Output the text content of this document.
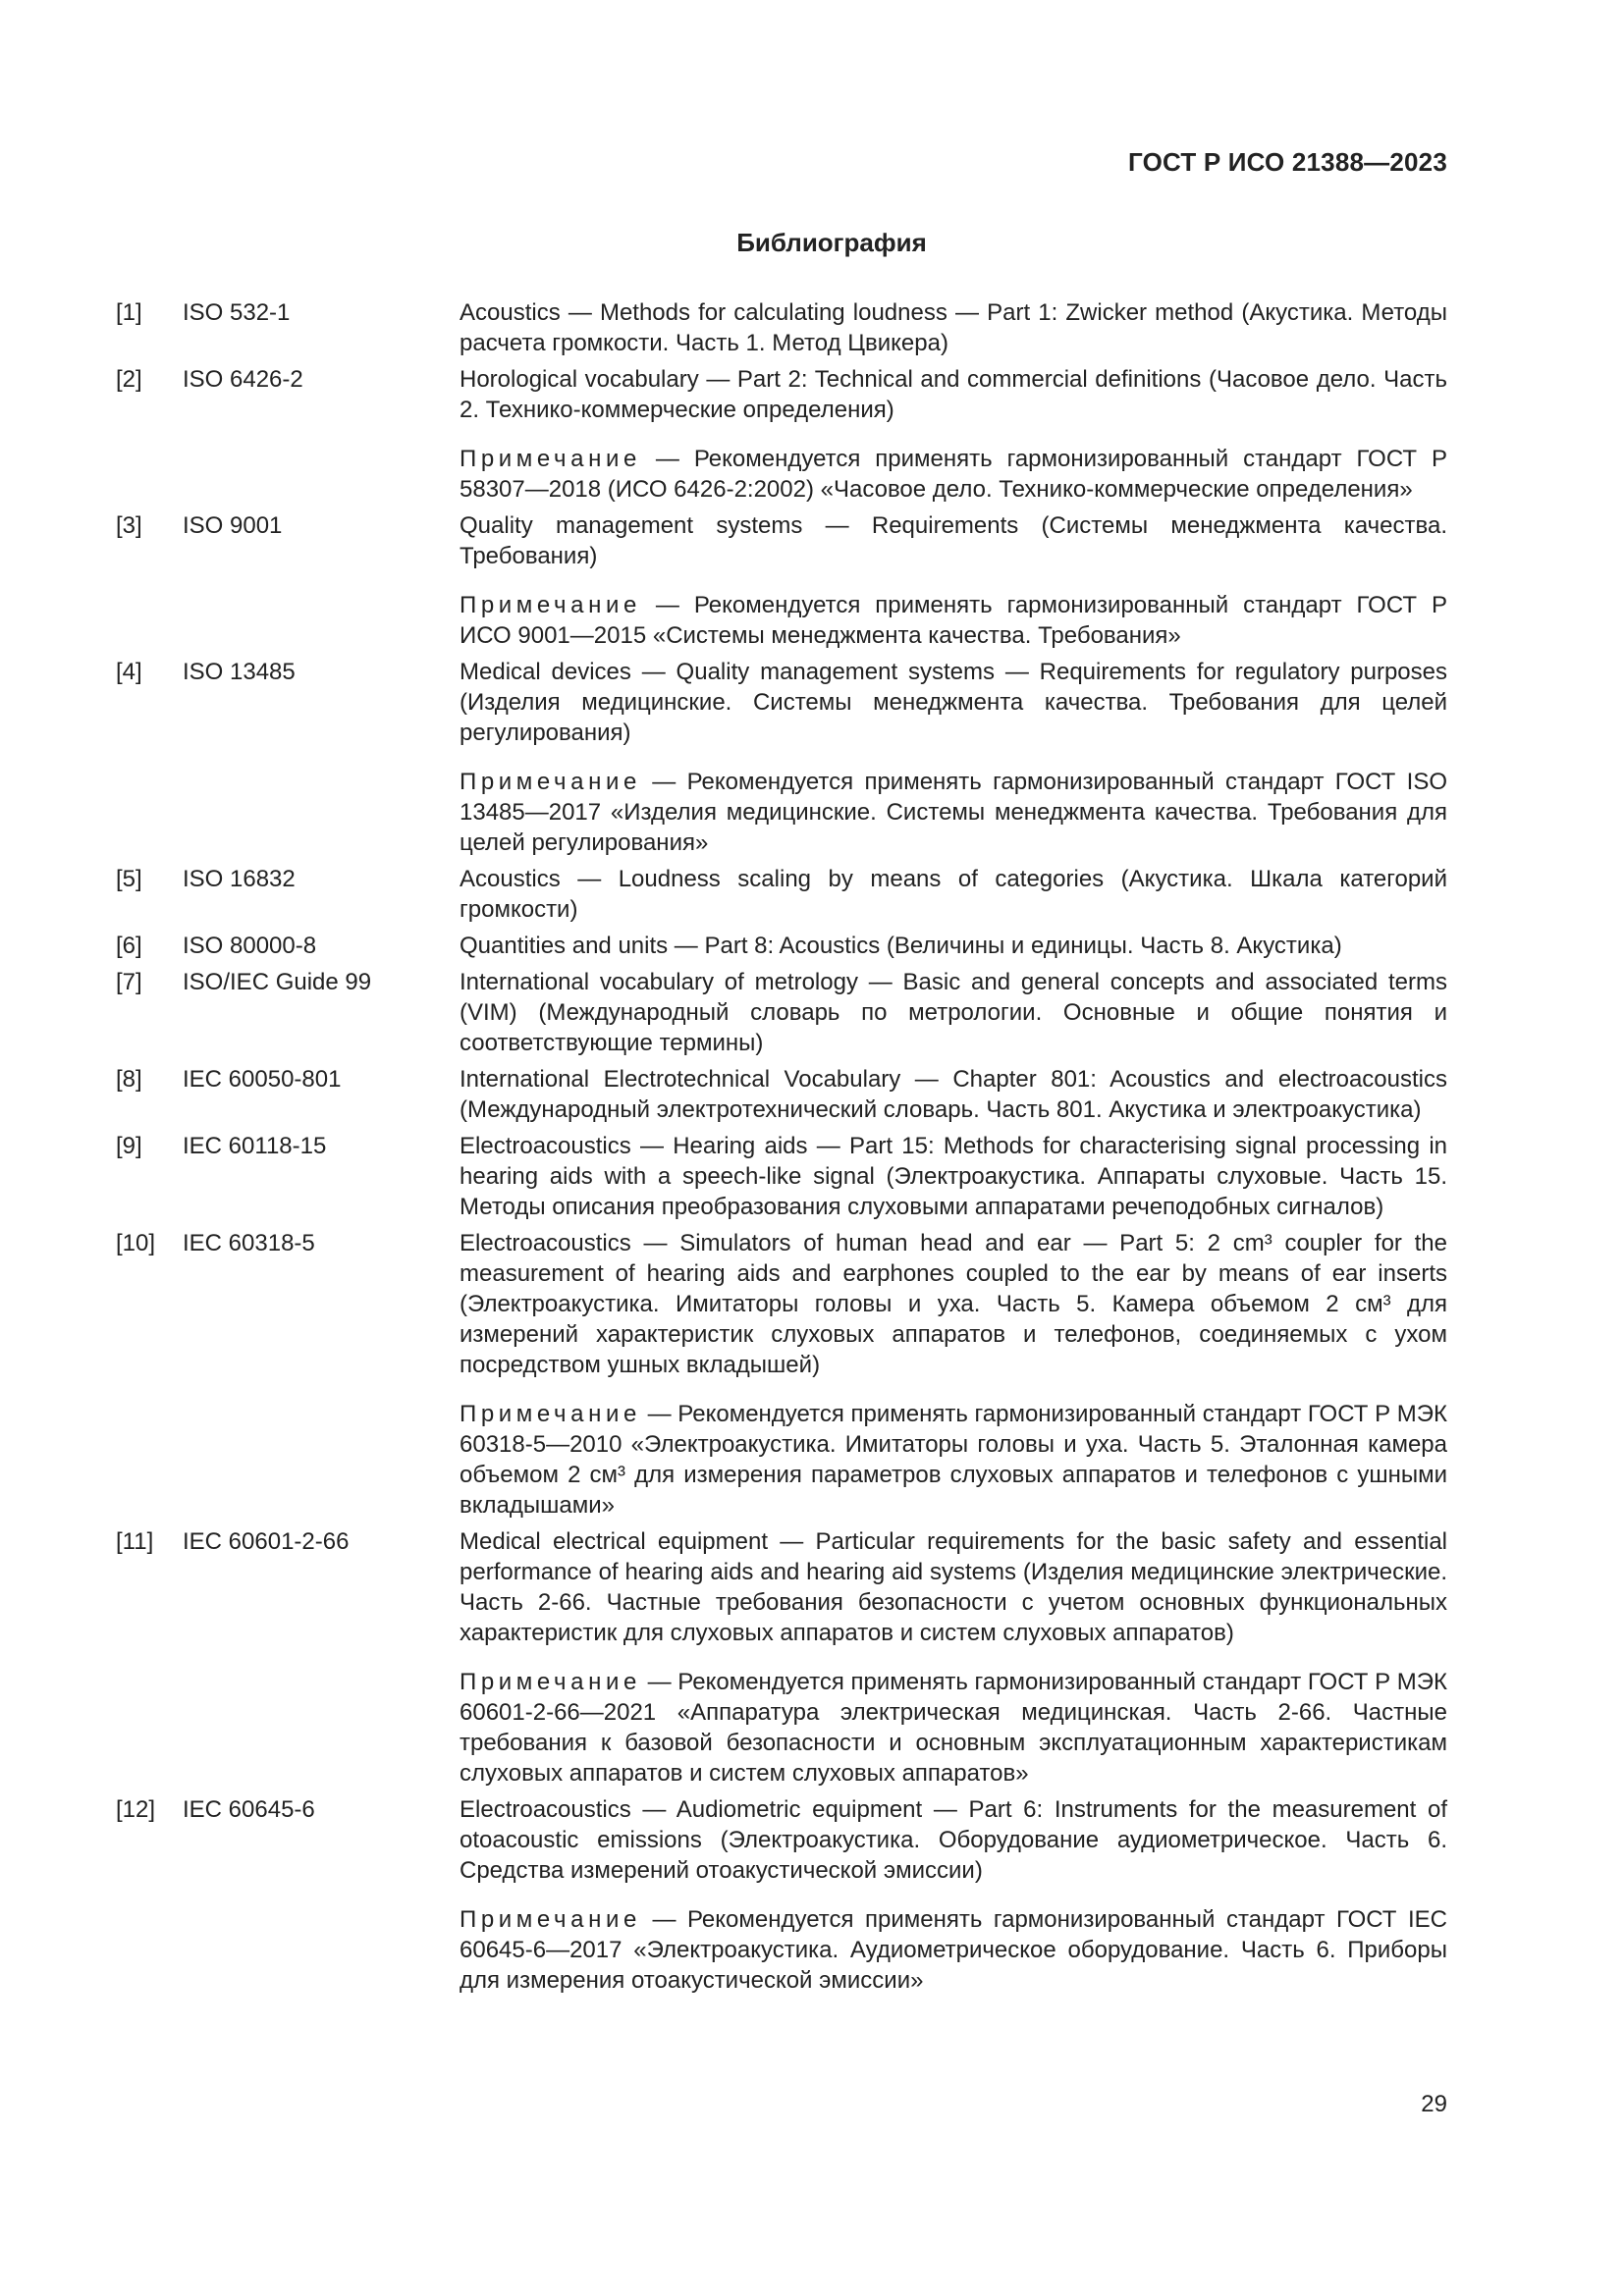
ГОСТ Р ИСО 21388—2023
Библиография
[1]	ISO 532-1	Acoustics — Methods for calculating loudness — Part 1: Zwicker method (Акустика. Методы расчета громкости. Часть 1. Метод Цвикера)
[2]	ISO 6426-2	Horological vocabulary — Part 2: Technical and commercial definitions (Часовое дело. Часть 2. Технико-коммерческие определения)
Примечание — Рекомендуется применять гармонизированный стандарт ГОСТ Р 58307—2018 (ИСО 6426-2:2002) «Часовое дело. Технико-коммерческие определения»
[3]	ISO 9001	Quality management systems — Requirements (Системы менеджмента качества. Требования)
Примечание — Рекомендуется применять гармонизированный стандарт ГОСТ Р ИСО 9001—2015 «Системы менеджмента качества. Требования»
[4]	ISO 13485	Medical devices — Quality management systems — Requirements for regulatory purposes (Изделия медицинские. Системы менеджмента качества. Требования для целей регулирования)
Примечание — Рекомендуется применять гармонизированный стандарт ГОСТ ISO 13485—2017 «Изделия медицинские. Системы менеджмента качества. Требования для целей регулирования»
[5]	ISO 16832	Acoustics — Loudness scaling by means of categories (Акустика. Шкала категорий громкости)
[6]	ISO 80000-8	Quantities and units — Part 8: Acoustics (Величины и единицы. Часть 8. Акустика)
[7]	ISO/IEC Guide 99	International vocabulary of metrology — Basic and general concepts and associated terms (VIM) (Международный словарь по метрологии. Основные и общие понятия и соответствующие термины)
[8]	IEC 60050-801	International Electrotechnical Vocabulary — Chapter 801: Acoustics and electroacoustics (Международный электротехнический словарь. Часть 801. Акустика и электроакустика)
[9]	IEC 60118-15	Electroacoustics — Hearing aids — Part 15: Methods for characterising signal processing in hearing aids with a speech-like signal (Электроакустика. Аппараты слуховые. Часть 15. Методы описания преобразования слуховыми аппаратами речеподобных сигналов)
[10]	IEC 60318-5	Electroacoustics — Simulators of human head and ear — Part 5: 2 cm³ coupler for the measurement of hearing aids and earphones coupled to the ear by means of ear inserts (Электроакустика. Имитаторы головы и уха. Часть 5. Камера объемом 2 см³ для измерений характеристик слуховых аппаратов и телефонов, соединяемых с ухом посредством ушных вкладышей)
Примечание — Рекомендуется применять гармонизированный стандарт ГОСТ Р МЭК 60318-5—2010 «Электроакустика. Имитаторы головы и уха. Часть 5. Эталонная камера объемом 2 см³ для измерения параметров слуховых аппаратов и телефонов с ушными вкладышами»
[11]	IEC 60601-2-66	Medical electrical equipment — Particular requirements for the basic safety and essential performance of hearing aids and hearing aid systems (Изделия медицинские электрические. Часть 2-66. Частные требования безопасности с учетом основных функциональных характеристик для слуховых аппаратов и систем слуховых аппаратов)
Примечание — Рекомендуется применять гармонизированный стандарт ГОСТ Р МЭК 60601-2-66—2021 «Аппаратура электрическая медицинская. Часть 2-66. Частные требования к базовой безопасности и основным эксплуатационным характеристикам слуховых аппаратов и систем слуховых аппаратов»
[12]	IEC 60645-6	Electroacoustics — Audiometric equipment — Part 6: Instruments for the measurement of otoacoustic emissions (Электроакустика. Оборудование аудиометрическое. Часть 6. Средства измерений отоакустической эмиссии)
Примечание — Рекомендуется применять гармонизированный стандарт ГОСТ IEC 60645-6—2017 «Электроакустика. Аудиометрическое оборудование. Часть 6. Приборы для измерения отоакустической эмиссии»
29
